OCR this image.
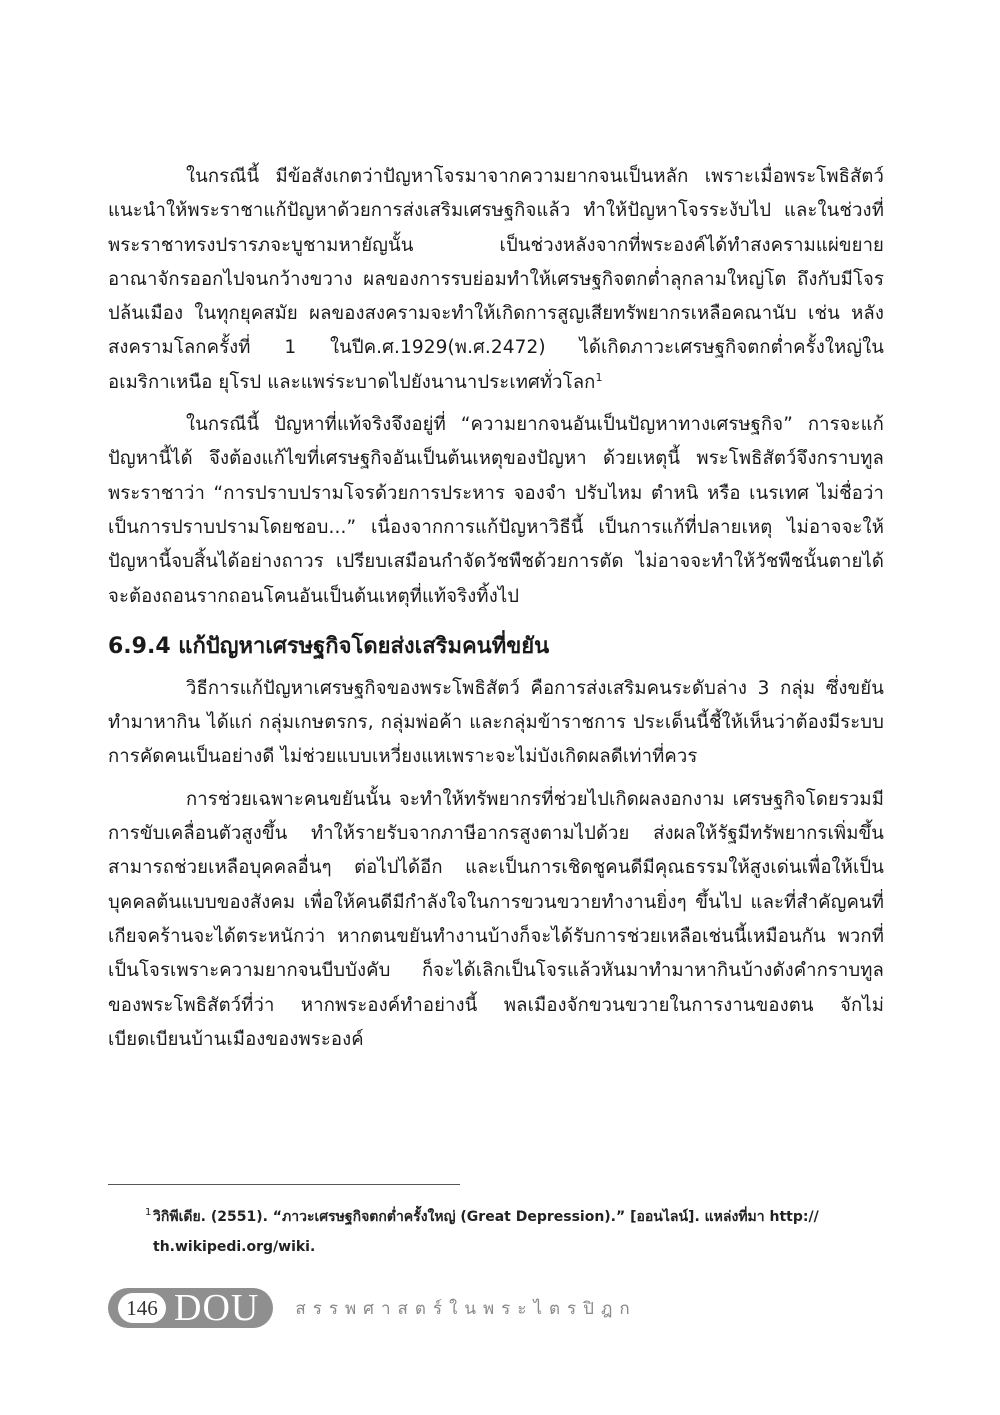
ในกรณีนี้ มีข้อสังเกตว่าปัญหาโจรมาจากความยากจนเป็นหลัก เพราะเมื่อพระโพธิสัตว์แนะนำให้พระราชาแก้ปัญหาด้วยการส่งเสริมเศรษฐกิจแล้ว ทำให้ปัญหาโจรระงับไป และในช่วงที่พระราชาทรงปรารภจะบูชามหายัญนั้น เป็นช่วงหลังจากที่พระองค์ได้ทำสงครามแผ่ขยายอาณาจักรออกไปจนกว้างขวาง ผลของการรบย่อมทำให้เศรษฐกิจตกต่ำลุกลามใหญ่โต ถึงกับมีโจรปล้นเมือง ในทุกยุคสมัย ผลของสงครามจะทำให้เกิดการสูญเสียทรัพยากรเหลือคณานับ เช่น หลังสงครามโลกครั้งที่ 1 ในปีค.ศ.1929(พ.ศ.2472) ได้เกิดภาวะเศรษฐกิจตกต่ำครั้งใหญ่ในอเมริกาเหนือ ยุโรป และแพร่ระบาดไปยังนานาประเทศทั่วโลก$^1$

ในกรณีนี้ ปัญหาที่แท้จริงจึงอยู่ที่ “ความยากจนอันเป็นปัญหาทางเศรษฐกิจ” การจะแก้ปัญหานี้ได้ จึงต้องแก้ไขที่เศรษฐกิจอันเป็นต้นเหตุของปัญหา ด้วยเหตุนี้ พระโพธิสัตว์จึงกราบทูลพระราชาว่า “การปราบปรามโจรด้วยการประหาร จองจำ ปรับไหม ตำหนิ หรือ เนรเทศ ไม่ชื่อว่าเป็นการปราบปรามโดยชอบ...” เนื่องจากการแก้ปัญหาวิธีนี้ เป็นการแก้ที่ปลายเหตุ ไม่อาจจะให้ปัญหานี้จบสิ้นได้อย่างถาวร เปรียบเสมือนกำจัดวัชพืชด้วยการตัด ไม่อาจจะทำให้วัชพืชนั้นตายได้ จะต้องถอนรากถอนโคนอันเป็นต้นเหตุที่แท้จริงทิ้งไป

6.9.4 แก้ปัญหาเศรษฐกิจโดยส่งเสริมคนที่ขยัน

วิธีการแก้ปัญหาเศรษฐกิจของพระโพธิสัตว์ คือการส่งเสริมคนระดับล่าง 3 กลุ่ม ซึ่งขยันทำมาหากิน ได้แก่ กลุ่มเกษตรกร, กลุ่มพ่อค้า และกลุ่มข้าราชการ ประเด็นนี้ชี้ให้เห็นว่าต้องมีระบบการคัดคนเป็นอย่างดี ไม่ช่วยแบบเหวี่ยงแหเพราะจะไม่บังเกิดผลดีเท่าที่ควร

การช่วยเฉพาะคนขยันนั้น จะทำให้ทรัพยากรที่ช่วยไปเกิดผลงอกงาม เศรษฐกิจโดยรวมมีการขับเคลื่อนตัวสูงขึ้น ทำให้รายรับจากภาษีอากรสูงตามไปด้วย ส่งผลให้รัฐมีทรัพยากรเพิ่มขึ้น สามารถช่วยเหลือบุคคลอื่นๆ ต่อไปได้อีก และเป็นการเชิดชูคนดีมีคุณธรรมให้สูงเด่นเพื่อให้เป็นบุคคลต้นแบบของสังคม เพื่อให้คนดีมีกำลังใจในการขวนขวายทำงานยิ่งๆ ขึ้นไป และที่สำคัญคนที่เกียจคร้านจะได้ตระหนักว่า หากตนขยันทำงานบ้างก็จะได้รับการช่วยเหลือเช่นนี้เหมือนกัน พวกที่เป็นโจรเพราะความยากจนบีบบังคับ ก็จะได้เลิกเป็นโจรแล้วหันมาทำมาหากินบ้างดังคำกราบทูลของพระโพธิสัตว์ที่ว่า หากพระองค์ทำอย่างนี้ พลเมืองจักขวนขวายในการงานของตน จักไม่เบียดเบียนบ้านเมืองของพระองค์

1 วิกิพีเดีย. (2551). “ภาวะเศรษฐกิจตกต่ำครั้งใหญ่ (Great Depression).” [ออนไลน์]. แหล่งที่มา http://
th.wikipedi.org/wiki.
146 DOU สรรพศาสตร์ในพระไตรปิฎก
